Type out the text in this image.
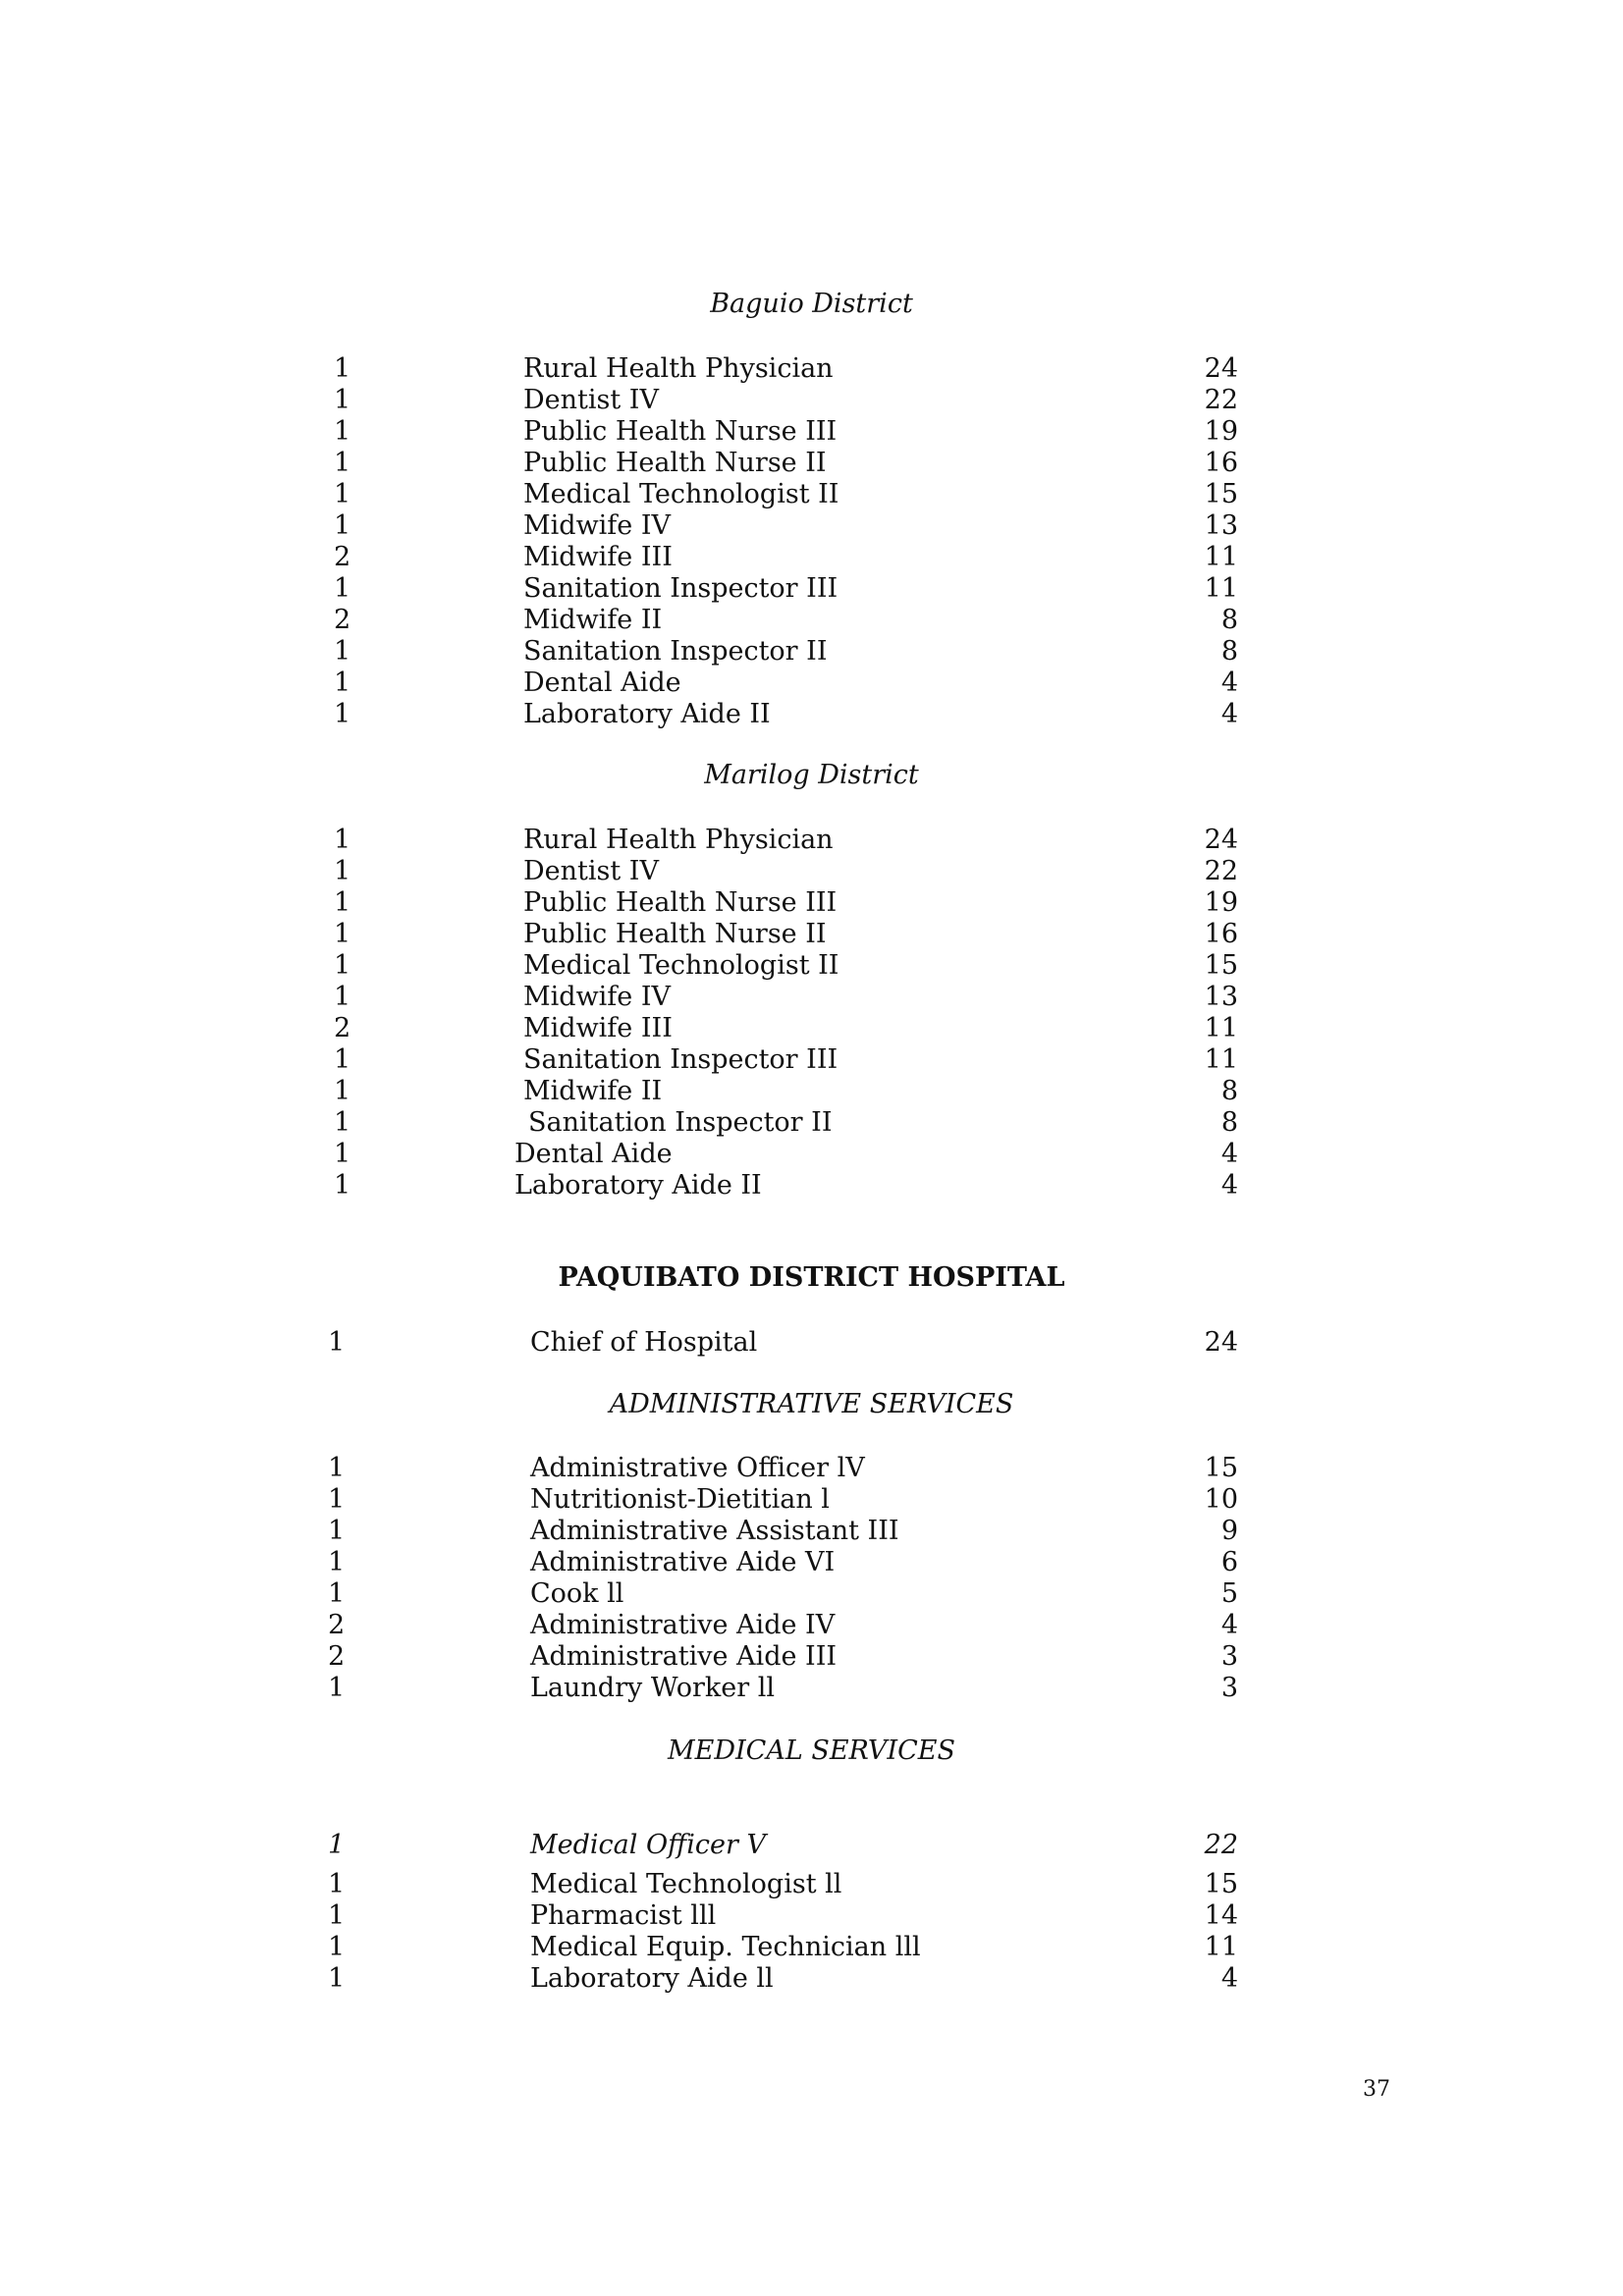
Baguio District
1	Rural Health Physician	24
1	Dentist IV	22
1	Public Health Nurse III	19
1	Public Health Nurse II	16
1	Medical Technologist II	15
1	Midwife IV	13
2	Midwife III	11
1	Sanitation Inspector III	11
2	Midwife II	8
1	Sanitation Inspector II	8
1	Dental Aide	4
1	Laboratory Aide II	4
Marilog District
1	Rural Health Physician	24
1	Dentist IV	22
1	Public Health Nurse III	19
1	Public Health Nurse II	16
1	Medical Technologist II	15
1	Midwife IV	13
2	Midwife III	11
1	Sanitation Inspector III	11
1	Midwife II	8
1	Sanitation Inspector II	8
1	Dental Aide	4
1	Laboratory Aide II	4
PAQUIBATO DISTRICT HOSPITAL
1	Chief of Hospital	24
ADMINISTRATIVE SERVICES
1	Administrative Officer lV	15
1	Nutritionist-Dietitian l	10
1	Administrative Assistant III	9
1	Administrative Aide VI	6
1	Cook ll	5
2	Administrative Aide IV	4
2	Administrative Aide III	3
1	Laundry Worker ll	3
MEDICAL SERVICES
1	Medical Officer V	22
1	Medical Technologist ll	15
1	Pharmacist lll	14
1	Medical Equip. Technician lll	11
1	Laboratory Aide ll	4
37
